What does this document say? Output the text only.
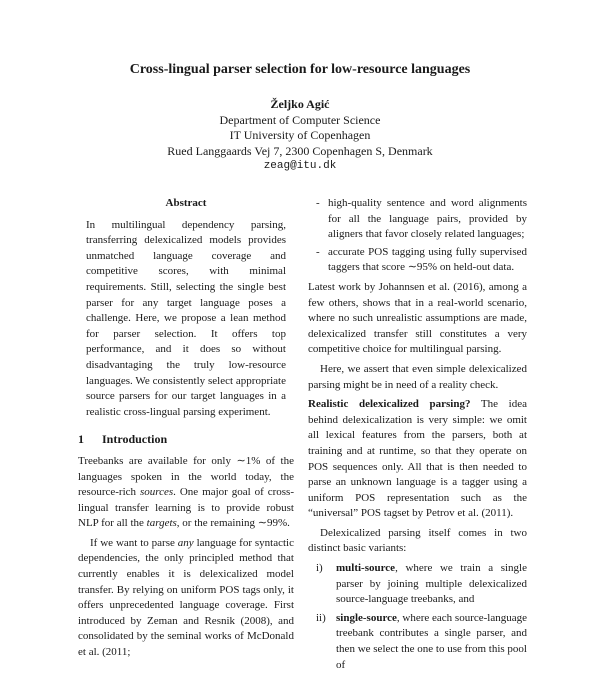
Cross-lingual parser selection for low-resource languages
Željko Agić
Department of Computer Science
IT University of Copenhagen
Rued Langgaards Vej 7, 2300 Copenhagen S, Denmark
zeag@itu.dk
Abstract

In multilingual dependency parsing, transferring delexicalized models provides unmatched language coverage and competitive scores, with minimal requirements. Still, selecting the single best parser for any target language poses a challenge. Here, we propose a lean method for parser selection. It offers top performance, and it does so without disadvantaging the truly low-resource languages. We consistently select appropriate source parsers for our target languages in a realistic cross-lingual parsing experiment.

1 Introduction

Treebanks are available for only ∼1% of the languages spoken in the world today, the resource-rich sources. One major goal of cross-lingual transfer learning is to provide robust NLP for all the targets, or the remaining ∼99%.

If we want to parse any language for syntactic dependencies, the only principled method that currently enables it is delexicalized model transfer. By relying on uniform POS tags only, it offers unprecedented language coverage. First introduced by Zeman and Resnik (2008), and consolidated by the seminal works of McDonald et al. (2011;

- high-quality sentence and word alignments for all the language pairs, provided by aligners that favor closely related languages;
- accurate POS tagging using fully supervised taggers that score ∼95% on held-out data.

Latest work by Johannsen et al. (2016), among a few others, shows that in a real-world scenario, where no such unrealistic assumptions are made, delexicalized transfer still constitutes a very competitive choice for multilingual parsing.

Here, we assert that even simple delexicalized parsing might be in need of a reality check.

Realistic delexicalized parsing? The idea behind delexicalization is very simple: we omit all lexical features from the parsers, both at training and at runtime, so that they operate on POS sequences only. All that is then needed to parse an unknown language is a tagger using a uniform POS representation such as the “universal” POS tagset by Petrov et al. (2011).

Delexicalized parsing itself comes in two distinct basic variants:

i) multi-source, where we train a single parser by joining multiple delexicalized source-language treebanks, and
ii) single-source, where each source-language treebank contributes a single parser, and then we select the one to use from this pool of
